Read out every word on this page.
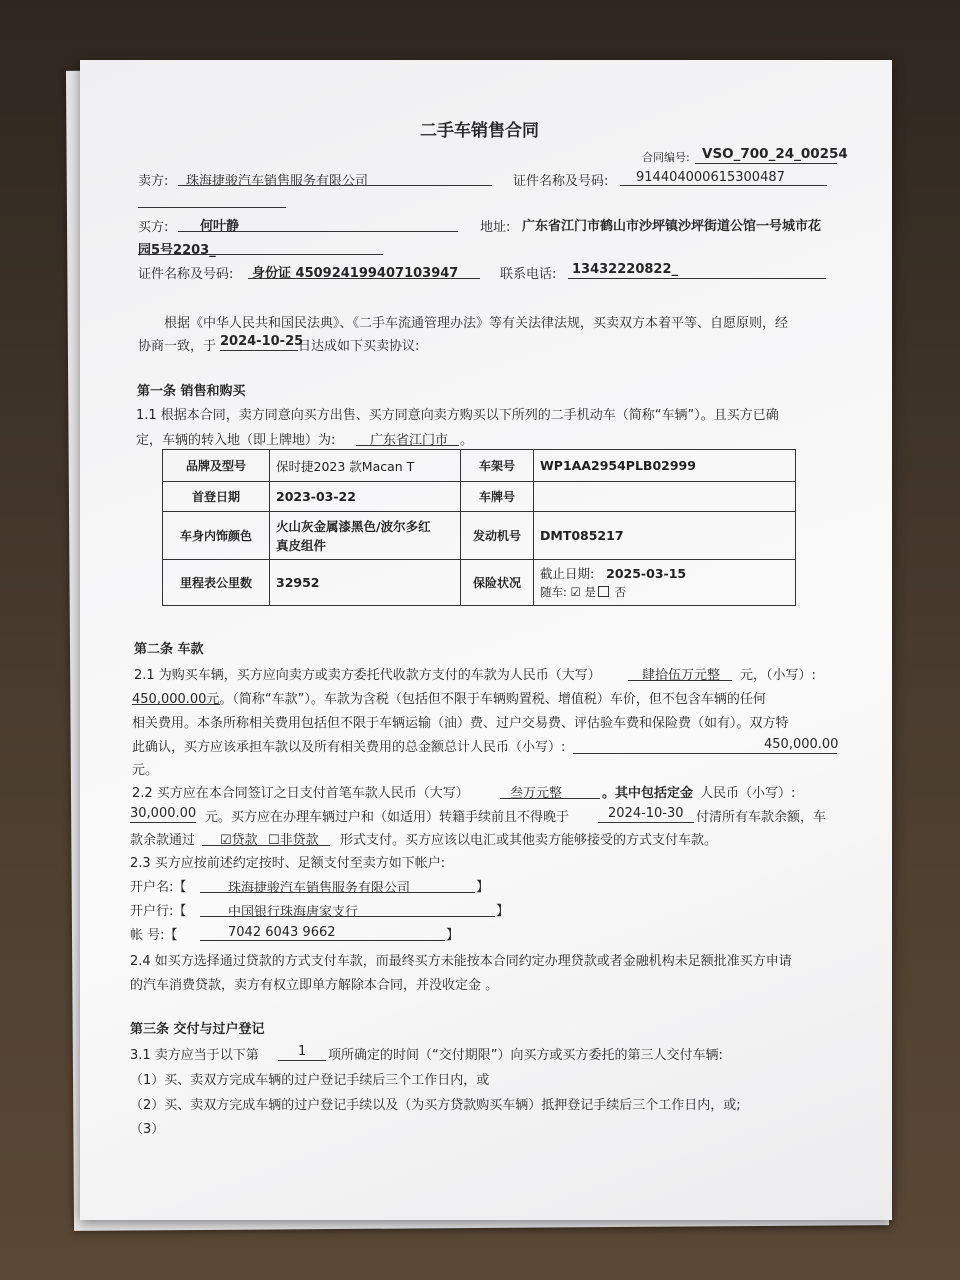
二手车销售合同
合同编号: VSO_700_24_00254
卖方: 珠海捷骏汽车销售服务有限公司	证件名称及号码: 914404000615300487
买方: 何叶静	地址: 广东省江门市鹤山市沙坪镇沙坪街道公馆一号城市花
园5号2203_
证件名称及号码: 身份证 450924199407103947	联系电话: 13432220822_
根据《中华人民共和国民法典》、《二手车流通管理办法》等有关法律法规，买卖双方本着平等、自愿原则，经
协商一致，于 2024-10-25
日达成如下买卖协议:
第一条 销售和购买
1.1 根据本合同，卖方同意向买方出售、买方同意向卖方购买以下所列的二手机动车（简称“车辆”）。且买方已确
定，车辆的转入地（即上牌地）为:	广东省江门市 。
品牌及型号	保时捷2023 款Macan T	车架号	WP1AA2954PLB02999
首登日期	2023-03-22	车牌号	
车身内饰颜色	火山灰金属漆黑色/波尔多红
真皮组件	发动机号	DMT085217
里程表公里数	32952	保险状况	截止日期: 2025-03-15
随车: ☑ 是 否
第二条 车款
2.1 为购买车辆，买方应向卖方或卖方委托代收款方支付的车款为人民币（大写）	肆拾伍万元整 元，（小写）:
450,000.00元。（简称“车款”）。车款为含税（包括但不限于车辆购置税、增值税）车价，但不包含车辆的任何
相关费用。本条所称相关费用包括但不限于车辆运输（油）费、过户交易费、评估验车费和保险费（如有）。双方特
此确认，买方应该承担车款以及所有相关费用的总金额总计人民币（小写）:	450,000.00
元。
2.2 买方应在本合同签订之日支付首笔车款人民币（大写）	叁万元整	。其中包括定金 人民币（小写）:
30,000.00 元。买方应在办理车辆过户和（如适用）转籍手续前且不得晚于	2024-10-30 付清所有车款余额，车
款余款通过 ☑贷款 ☐非贷款 形式支付。买方应该以电汇或其他卖方能够接受的方式支付车款。
2.3 买方应按前述约定按时、足额支付至卖方如下帐户:
开户名:【	珠海捷骏汽车销售服务有限公司	】
开户行:【	中国银行珠海唐家支行	】
帐 号:【	7042 6043 9662	】
2.4 如买方选择通过贷款的方式支付车款，而最终买方未能按本合同约定办理贷款或者金融机构未足额批准买方申请
的汽车消费贷款，卖方有权立即单方解除本合同，并没收定金 。
第三条 交付与过户登记
3.1 卖方应当于以下第	1 项所确定的时间（“交付期限”）向买方或买方委托的第三人交付车辆:
（1）买、卖双方完成车辆的过户登记手续后三个工作日内，或
（2）买、卖双方完成车辆的过户登记手续以及（为买方贷款购买车辆）抵押登记手续后三个工作日内，或;
（3）
